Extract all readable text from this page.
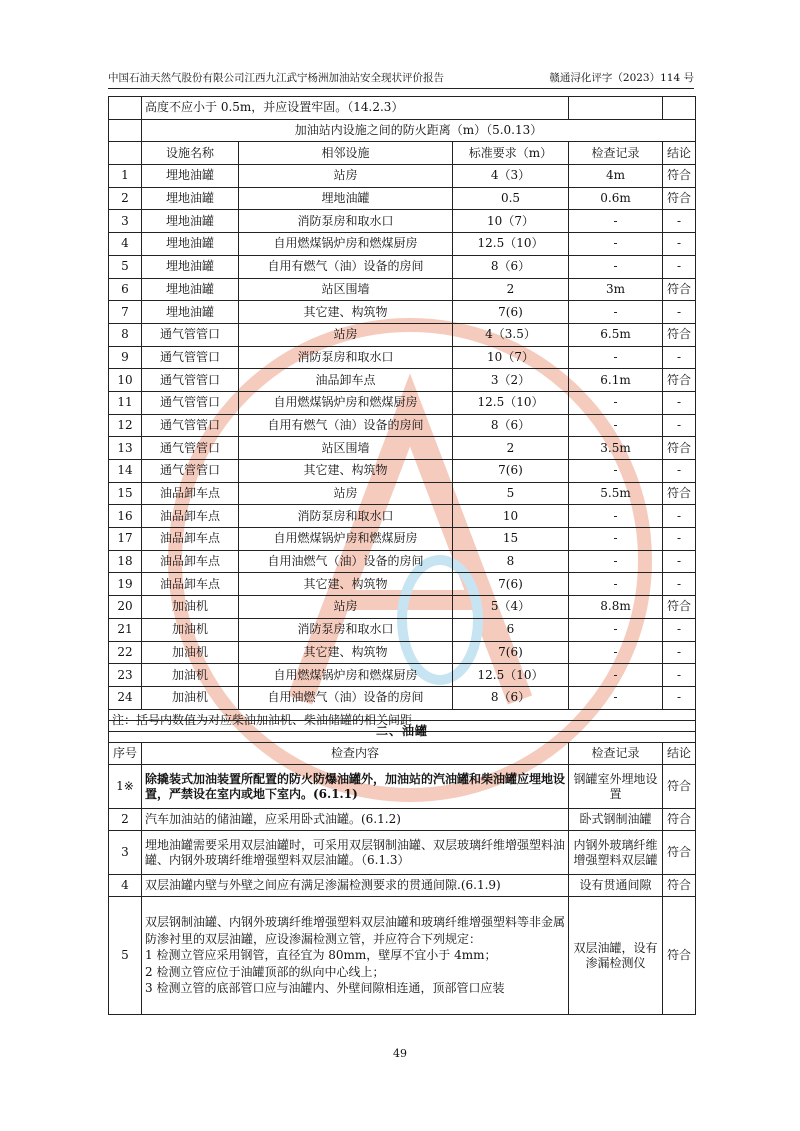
中国石油天然气股份有限公司江西九江武宁杨洲加油站安全现状评价报告	赣通浔化评字（2023）114 号
	高度不应小于 0.5m，并应设置牢固。（14.2.3）				
	加油站内设施之间的防火距离（m）（5.0.13）				
	设施名称	相邻设施	标准要求（m）	检查记录	结论
1	埋地油罐	站房	4（3）	4m	符合
2	埋地油罐	埋地油罐	0.5	0.6m	符合
3	埋地油罐	消防泵房和取水口	10（7）	-	-
4	埋地油罐	自用燃煤锅炉房和燃煤厨房	12.5（10）	-	-
5	埋地油罐	自用有燃气（油）设备的房间	8（6）	-	-
6	埋地油罐	站区围墙	2	3m	符合
7	埋地油罐	其它建、构筑物	7(6)	-	-
8	通气管管口	站房	4（3.5）	6.5m	符合
9	通气管管口	消防泵房和取水口	10（7）	-	-
10	通气管管口	油品卸车点	3（2）	6.1m	符合
11	通气管管口	自用燃煤锅炉房和燃煤厨房	12.5（10）	-	-
12	通气管管口	自用有燃气（油）设备的房间	8（6）	-	-
13	通气管管口	站区围墙	2	3.5m	符合
14	通气管管口	其它建、构筑物	7(6)	-	-
15	油品卸车点	站房	5	5.5m	符合
16	油品卸车点	消防泵房和取水口	10	-	-
17	油品卸车点	自用燃煤锅炉房和燃煤厨房	15	-	-
18	油品卸车点	自用油燃气（油）设备的房间	8	-	-
19	油品卸车点	其它建、构筑物	7(6)	-	-
20	加油机	站房	5（4）	8.8m	符合
21	加油机	消防泵房和取水口	6	-	-
22	加油机	其它建、构筑物	7(6)	-	-
23	加油机	自用燃煤锅炉房和燃煤厨房	12.5（10）	-	-
24	加油机	自用油燃气（油）设备的房间	8（6）	-	-
注：括号内数值为对应柴油加油机、柴油储罐的相关间距					
二、油罐			
序号	检查内容	检查记录	结论
1※	除撬装式加油装置所配置的防火防爆油罐外，加油站的汽油罐和柴油罐应埋地设置，严禁设在室内或地下室内。(6.1.1)	钢罐室外埋地设置	符合
2	汽车加油站的储油罐，应采用卧式油罐。(6.1.2)	卧式钢制油罐	符合
3	埋地油罐需要采用双层油罐时，可采用双层钢制油罐、双层玻璃纤维增强塑料油罐、内钢外玻璃纤维增强塑料双层油罐。（6.1.3）	内钢外玻璃纤维增强塑料双层罐	符合
4	双层油罐内壁与外壁之间应有满足渗漏检测要求的贯通间隙.(6.1.9)	设有贯通间隙	符合
5	双层钢制油罐、内钢外玻璃纤维增强塑料双层油罐和玻璃纤维增强塑料等非金属防渗衬里的双层油罐，应设渗漏检测立管，并应符合下列规定：
1 检测立管应采用钢管，直径宜为 80mm，壁厚不宜小于 4mm；
2 检测立管应位于油罐顶部的纵向中心线上；
3 检测立管的底部管口应与油罐内、外壁间隙相连通，顶部管口应装	双层油罐，设有渗漏检测仪	符合
49
